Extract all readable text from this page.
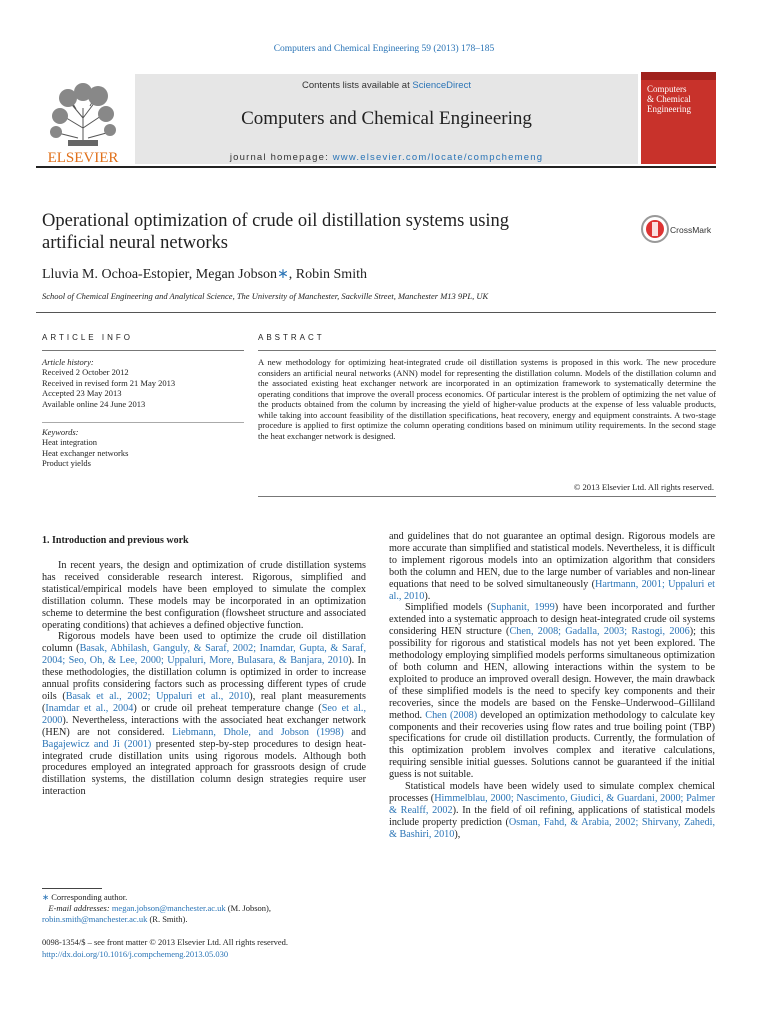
Computers and Chemical Engineering 59 (2013) 178–185
ELSEVIER
Contents lists available at ScienceDirect
Computers and Chemical Engineering
journal homepage: www.elsevier.com/locate/compchemeng
Computers
& Chemical
Engineering
Operational optimization of crude oil distillation systems using
artificial neural networks
CrossMark
Lluvia M. Ochoa-Estopier, Megan Jobson∗, Robin Smith
School of Chemical Engineering and Analytical Science, The University of Manchester, Sackville Street, Manchester M13 9PL, UK
ARTICLE INFO
Article history:
Received 2 October 2012
Received in revised form 21 May 2013
Accepted 23 May 2013
Available online 24 June 2013
Keywords:
Heat integration
Heat exchanger networks
Product yields
ABSTRACT
A new methodology for optimizing heat-integrated crude oil distillation systems is proposed in this work. The new procedure considers an artificial neural networks (ANN) model for representing the distillation column. Models of the distillation column and the associated existing heat exchanger network are incorporated in an optimization framework to systematically determine the operating conditions that improve the overall process economics. Of particular interest is the problem of optimizing the net value of the products obtained from the column by increasing the yield of higher-value products at the expense of less valuable products, while taking into account feasibility of the distillation specifications, heat recovery, energy and equipment constraints. A two-stage procedure is applied to first optimize the column operating conditions based on minimum utility requirements. In the second stage the heat exchanger network is designed.
© 2013 Elsevier Ltd. All rights reserved.
1. Introduction and previous work

In recent years, the design and optimization of crude distillation systems has received considerable research interest. Rigorous, simplified and statistical/empirical models have been employed to simulate the complex distillation column. These models may be incorporated in an optimization scheme to determine the best configuration (flowsheet structure and associated operating conditions) that achieves a defined objective function.

Rigorous models have been used to optimize the crude oil distillation column (Basak, Abhilash, Ganguly, & Saraf, 2002; Inamdar, Gupta, & Saraf, 2004; Seo, Oh, & Lee, 2000; Uppaluri, More, Bulasara, & Banjara, 2010). In these methodologies, the distillation column is optimized in order to increase annual profits considering factors such as processing different types of crude oils (Basak et al., 2002; Uppaluri et al., 2010), real plant measurements (Inamdar et al., 2004) or crude oil preheat temperature change (Seo et al., 2000). Nevertheless, interactions with the associated heat exchanger network (HEN) are not considered. Liebmann, Dhole, and Jobson (1998) and Bagajewicz and Ji (2001) presented step-by-step procedures to design heat-integrated crude distillation units using rigorous models. Although both procedures employed an integrated approach for grassroots design of crude distillation systems, the distillation column design strategies require user interaction

and guidelines that do not guarantee an optimal design. Rigorous models are more accurate than simplified and statistical models. Nevertheless, it is difficult to implement rigorous models into an optimization algorithm that considers both the column and HEN, due to the large number of variables and non-linear equations that need to be solved simultaneously (Hartmann, 2001; Uppaluri et al., 2010).

Simplified models (Suphanit, 1999) have been incorporated and further extended into a systematic approach to design heat-integrated crude oil systems considering HEN structure (Chen, 2008; Gadalla, 2003; Rastogi, 2006); this possibility for rigorous and statistical models has not yet been explored. The methodology employing simplified models performs simultaneous optimization of both column and HEN, allowing interactions within the system to be exploited to produce an improved overall design. However, the main drawback of these simplified models is the need to specify key components and their recoveries, since the models are based on the Fenske–Underwood–Gilliland method. Chen (2008) developed an optimization methodology to calculate key components and their recoveries using flow rates and true boiling point (TBP) specifications for crude oil distillation products. Currently, the formulation of this optimization problem involves complex and iterative calculations, requiring sensible initial guesses. Solutions cannot be guaranteed if the initial guess is not suitable.

Statistical models have been widely used to simulate complex chemical processes (Himmelblau, 2000; Nascimento, Giudici, & Guardani, 2000; Palmer & Realff, 2002). In the field of oil refining, applications of statistical models include property prediction (Osman, Fahd, & Arabia, 2002; Shirvany, Zahedi, & Bashiri, 2010),

∗ Corresponding author.
E-mail addresses: megan.jobson@manchester.ac.uk (M. Jobson),
robin.smith@manchester.ac.uk (R. Smith).
0098-1354/$ – see front matter © 2013 Elsevier Ltd. All rights reserved.
http://dx.doi.org/10.1016/j.compchemeng.2013.05.030
